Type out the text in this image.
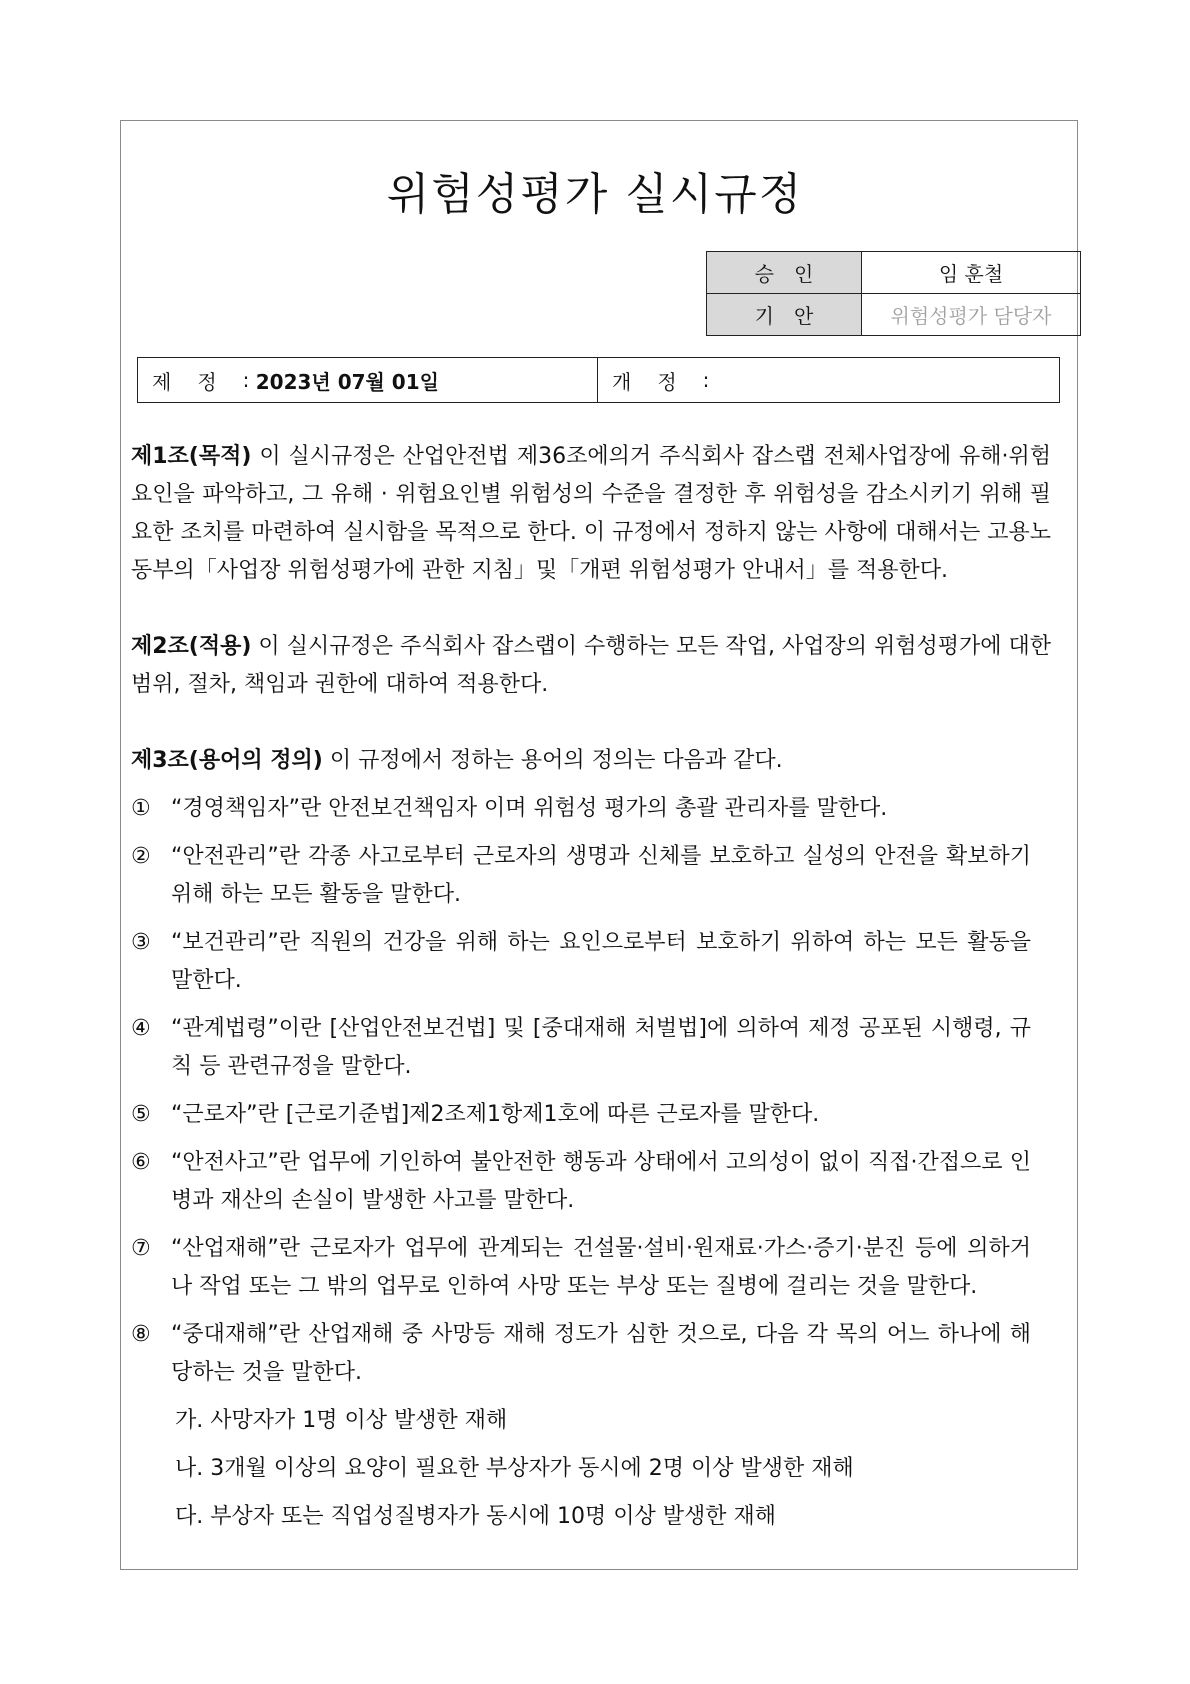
위험성평가 실시규정
승인	임 훈철
기안	위험성평가 담당자
제정 : 2023년 07월 01일	개정 :

제1조(목적) 이 실시규정은 산업안전법 제36조에의거 주식회사 잡스랩 전체사업장에 유해·위험요인을 파악하고, 그 유해 · 위험요인별 위험성의 수준을 결정한 후 위험성을 감소시키기 위해 필요한 조치를 마련하여 실시함을 목적으로 한다. 이 규정에서 정하지 않는 사항에 대해서는 고용노동부의「사업장 위험성평가에 관한 지침」및「개편 위험성평가 안내서」를 적용한다.

제2조(적용) 이 실시규정은 주식회사 잡스랩이 수행하는 모든 작업, 사업장의 위험성평가에 대한 범위, 절차, 책임과 권한에 대하여 적용한다.

제3조(용어의 정의) 이 규정에서 정하는 용어의 정의는 다음과 같다.

① “경영책임자”란 안전보건책임자 이며 위험성 평가의 총괄 관리자를 말한다.
② “안전관리”란 각종 사고로부터 근로자의 생명과 신체를 보호하고 실성의 안전을 확보하기 위해 하는 모든 활동을 말한다.
③ “보건관리”란 직원의 건강을 위해 하는 요인으로부터 보호하기 위하여 하는 모든 활동을 말한다.
④ “관계법령”이란 [산업안전보건법] 및 [중대재해 처벌법]에 의하여 제정 공포된 시행령, 규칙 등 관련규정을 말한다.
⑤ “근로자”란 [근로기준법]제2조제1항제1호에 따른 근로자를 말한다.
⑥ “안전사고”란 업무에 기인하여 불안전한 행동과 상태에서 고의성이 없이 직접·간접으로 인병과 재산의 손실이 발생한 사고를 말한다.
⑦ “산업재해”란 근로자가 업무에 관계되는 건설물·설비·원재료·가스·증기·분진 등에 의하거나 작업 또는 그 밖의 업무로 인하여 사망 또는 부상 또는 질병에 걸리는 것을 말한다.
⑧ “중대재해”란 산업재해 중 사망등 재해 정도가 심한 것으로, 다음 각 목의 어느 하나에 해당하는 것을 말한다.
가. 사망자가 1명 이상 발생한 재해
나. 3개월 이상의 요양이 필요한 부상자가 동시에 2명 이상 발생한 재해
다. 부상자 또는 직업성질병자가 동시에 10명 이상 발생한 재해
